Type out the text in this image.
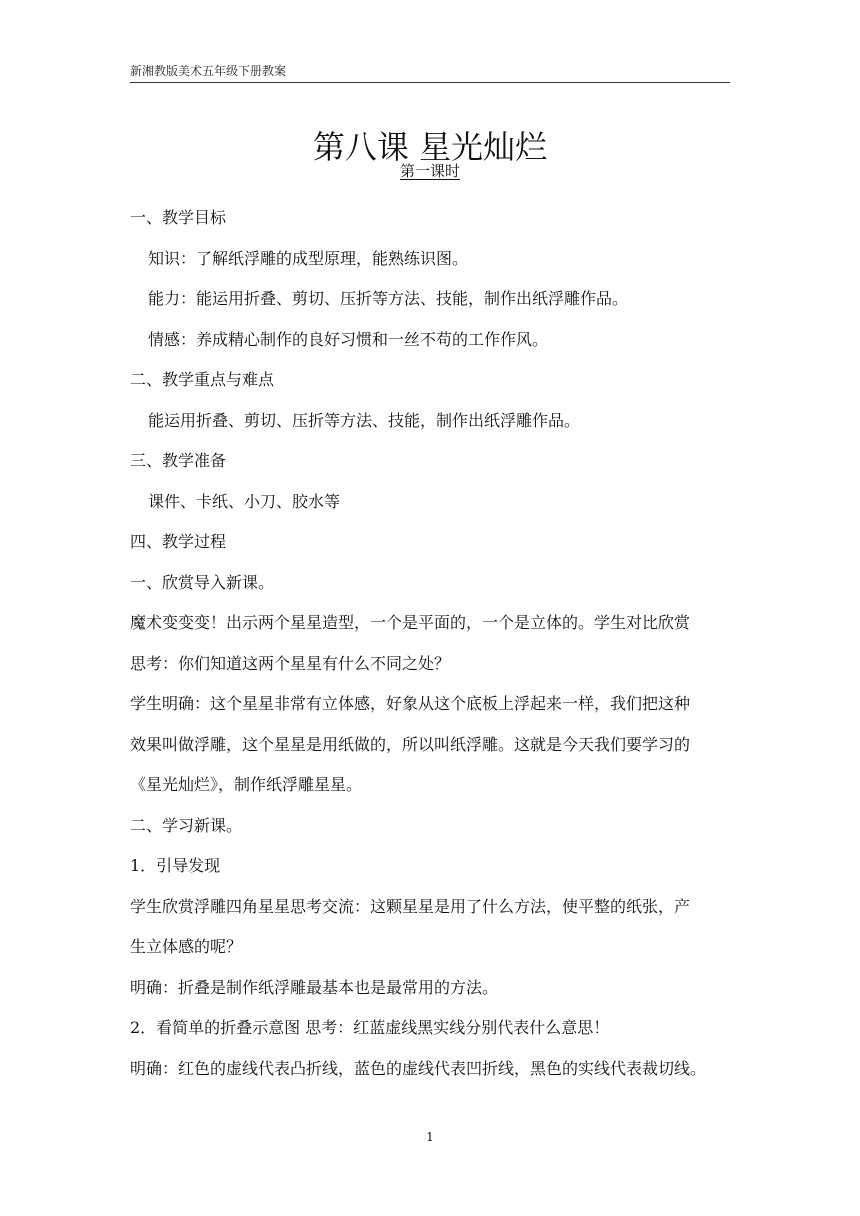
新湘教版美术五年级下册教案
第八课 星光灿烂
第一课时

一、教学目标

知识：了解纸浮雕的成型原理，能熟练识图。

能力：能运用折叠、剪切、压折等方法、技能，制作出纸浮雕作品。

情感：养成精心制作的良好习惯和一丝不苟的工作作风。

二、教学重点与难点

能运用折叠、剪切、压折等方法、技能，制作出纸浮雕作品。

三、教学准备

课件、卡纸、小刀、胶水等

四、教学过程

一、欣赏导入新课。

魔术变变变！出示两个星星造型，一个是平面的，一个是立体的。学生对比欣赏

思考：你们知道这两个星星有什么不同之处？

学生明确：这个星星非常有立体感，好象从这个底板上浮起来一样，我们把这种

效果叫做浮雕，这个星星是用纸做的，所以叫纸浮雕。这就是今天我们要学习的

《星光灿烂》，制作纸浮雕星星。

二、学习新课。

1．引导发现

学生欣赏浮雕四角星星思考交流：这颗星星是用了什么方法，使平整的纸张，产

生立体感的呢？

明确：折叠是制作纸浮雕最基本也是最常用的方法。

2．看简单的折叠示意图 思考：红蓝虚线黑实线分别代表什么意思！

明确：红色的虚线代表凸折线，蓝色的虚线代表凹折线，黑色的实线代表裁切线。

1
